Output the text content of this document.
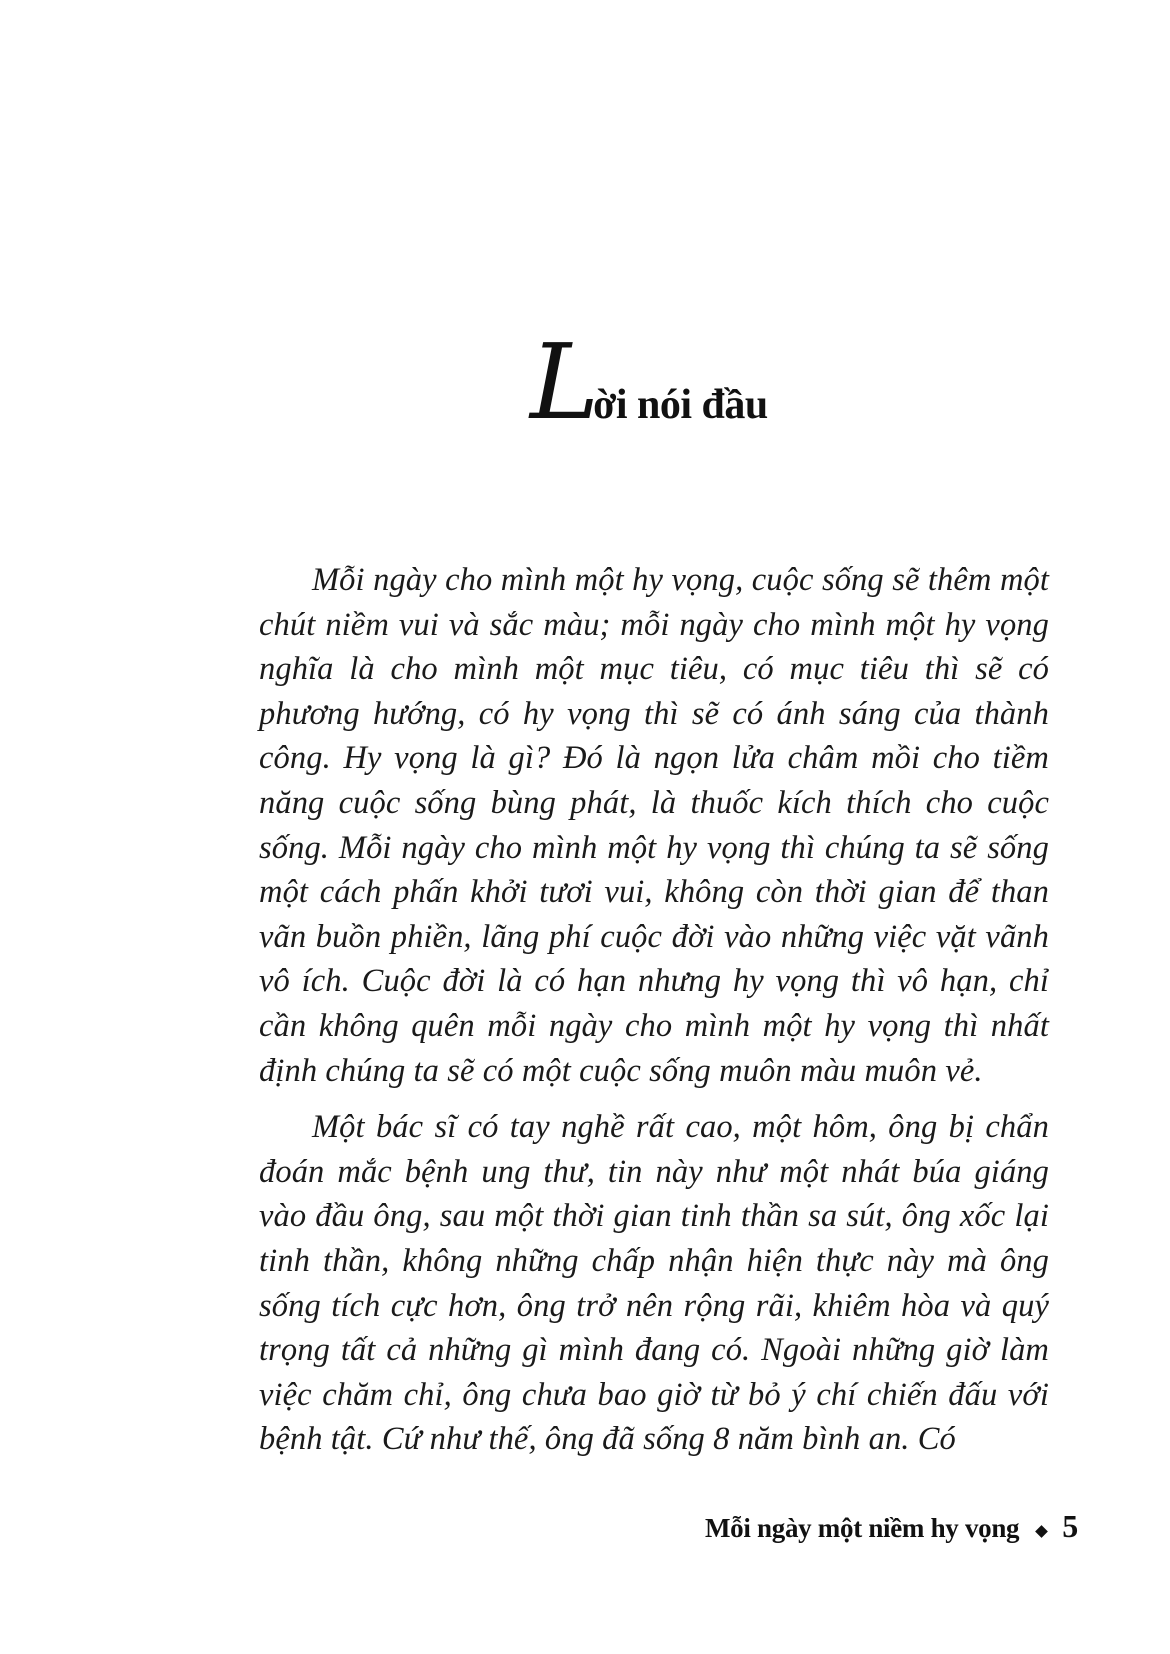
Lời nói đầu

Mỗi ngày cho mình một hy vọng, cuộc sống sẽ thêm một chút niềm vui và sắc màu; mỗi ngày cho mình một hy vọng nghĩa là cho mình một mục tiêu, có mục tiêu thì sẽ có phương hướng, có hy vọng thì sẽ có ánh sáng của thành công. Hy vọng là gì? Đó là ngọn lửa châm mồi cho tiềm năng cuộc sống bùng phát, là thuốc kích thích cho cuộc sống. Mỗi ngày cho mình một hy vọng thì chúng ta sẽ sống một cách phấn khởi tươi vui, không còn thời gian để than vãn buồn phiền, lãng phí cuộc đời vào những việc vặt vãnh vô ích. Cuộc đời là có hạn nhưng hy vọng thì vô hạn, chỉ cần không quên mỗi ngày cho mình một hy vọng thì nhất định chúng ta sẽ có một cuộc sống muôn màu muôn vẻ.

Một bác sĩ có tay nghề rất cao, một hôm, ông bị chẩn đoán mắc bệnh ung thư, tin này như một nhát búa giáng vào đầu ông, sau một thời gian tinh thần sa sút, ông xốc lại tinh thần, không những chấp nhận hiện thực này mà ông sống tích cực hơn, ông trở nên rộng rãi, khiêm hòa và quý trọng tất cả những gì mình đang có. Ngoài những giờ làm việc chăm chỉ, ông chưa bao giờ từ bỏ ý chí chiến đấu với bệnh tật. Cứ như thế, ông đã sống 8 năm bình an. Có

Mỗi ngày một niềm hy vọng 5
